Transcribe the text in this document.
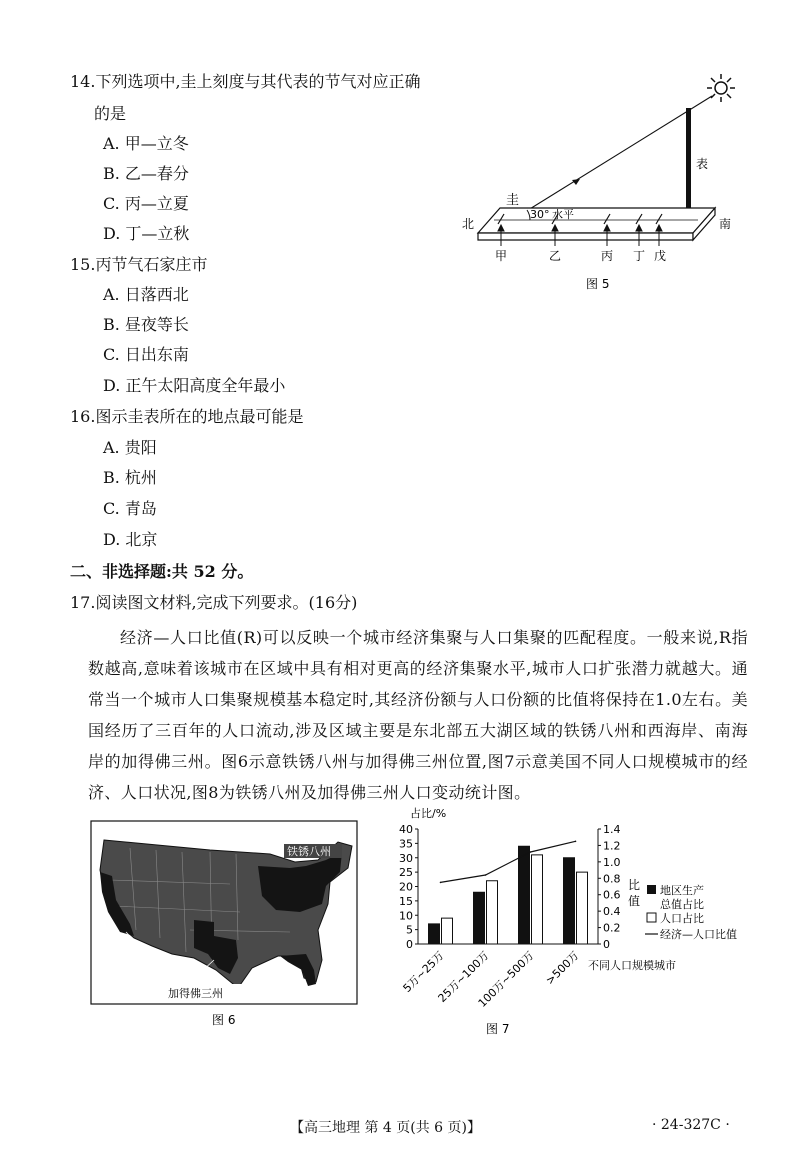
14.下列选项中,圭上刻度与其代表的节气对应正确
的是
A. 甲—立冬
B. 乙—春分
C. 丙—立夏
D. 丁—立秋
15.丙节气石家庄市
A. 日落西北
B. 昼夜等长
C. 日出东南
D. 正午太阳高度全年最小
16.图示圭表所在的地点最可能是
A. 贵阳
B. 杭州
C. 青岛
D. 北京
二、非选择题:共 52 分。
17.阅读图文材料,完成下列要求。(16分)
经济—人口比值(R)可以反映一个城市经济集聚与人口集聚的匹配程度。一般来说,R指数越高,意味着该城市在区域中具有相对更高的经济集聚水平,城市人口扩张潜力就越大。通常当一个城市人口集聚规模基本稳定时,其经济份额与人口份额的比值将保持在1.0左右。美国经历了三百年的人口流动,涉及区域主要是东北部五大湖区域的铁锈八州和西海岸、南海岸的加得佛三州。图6示意铁锈八州与加得佛三州位置,图7示意美国不同人口规模城市的经济、人口状况,图8为铁锈八州及加得佛三州人口变动统计图。
圭
表
北	南
30° 水平
甲	乙	丙 丁 戊
图 5
加得佛三州
铁锈八州
图 6
占比/%
比
值
不同人口规模城市
地区生产
总值占比
人口占比
经济—人口比值
图 7
0
5
10
15
20
25
30
35
40
0
0.2
0.4
0.6
0.8
1.0
1.2
1.4
5万~25万
25万~100万
100万~500万 >500万
【高三地理 第 4 页(共 6 页)】	· 24-327C ·
